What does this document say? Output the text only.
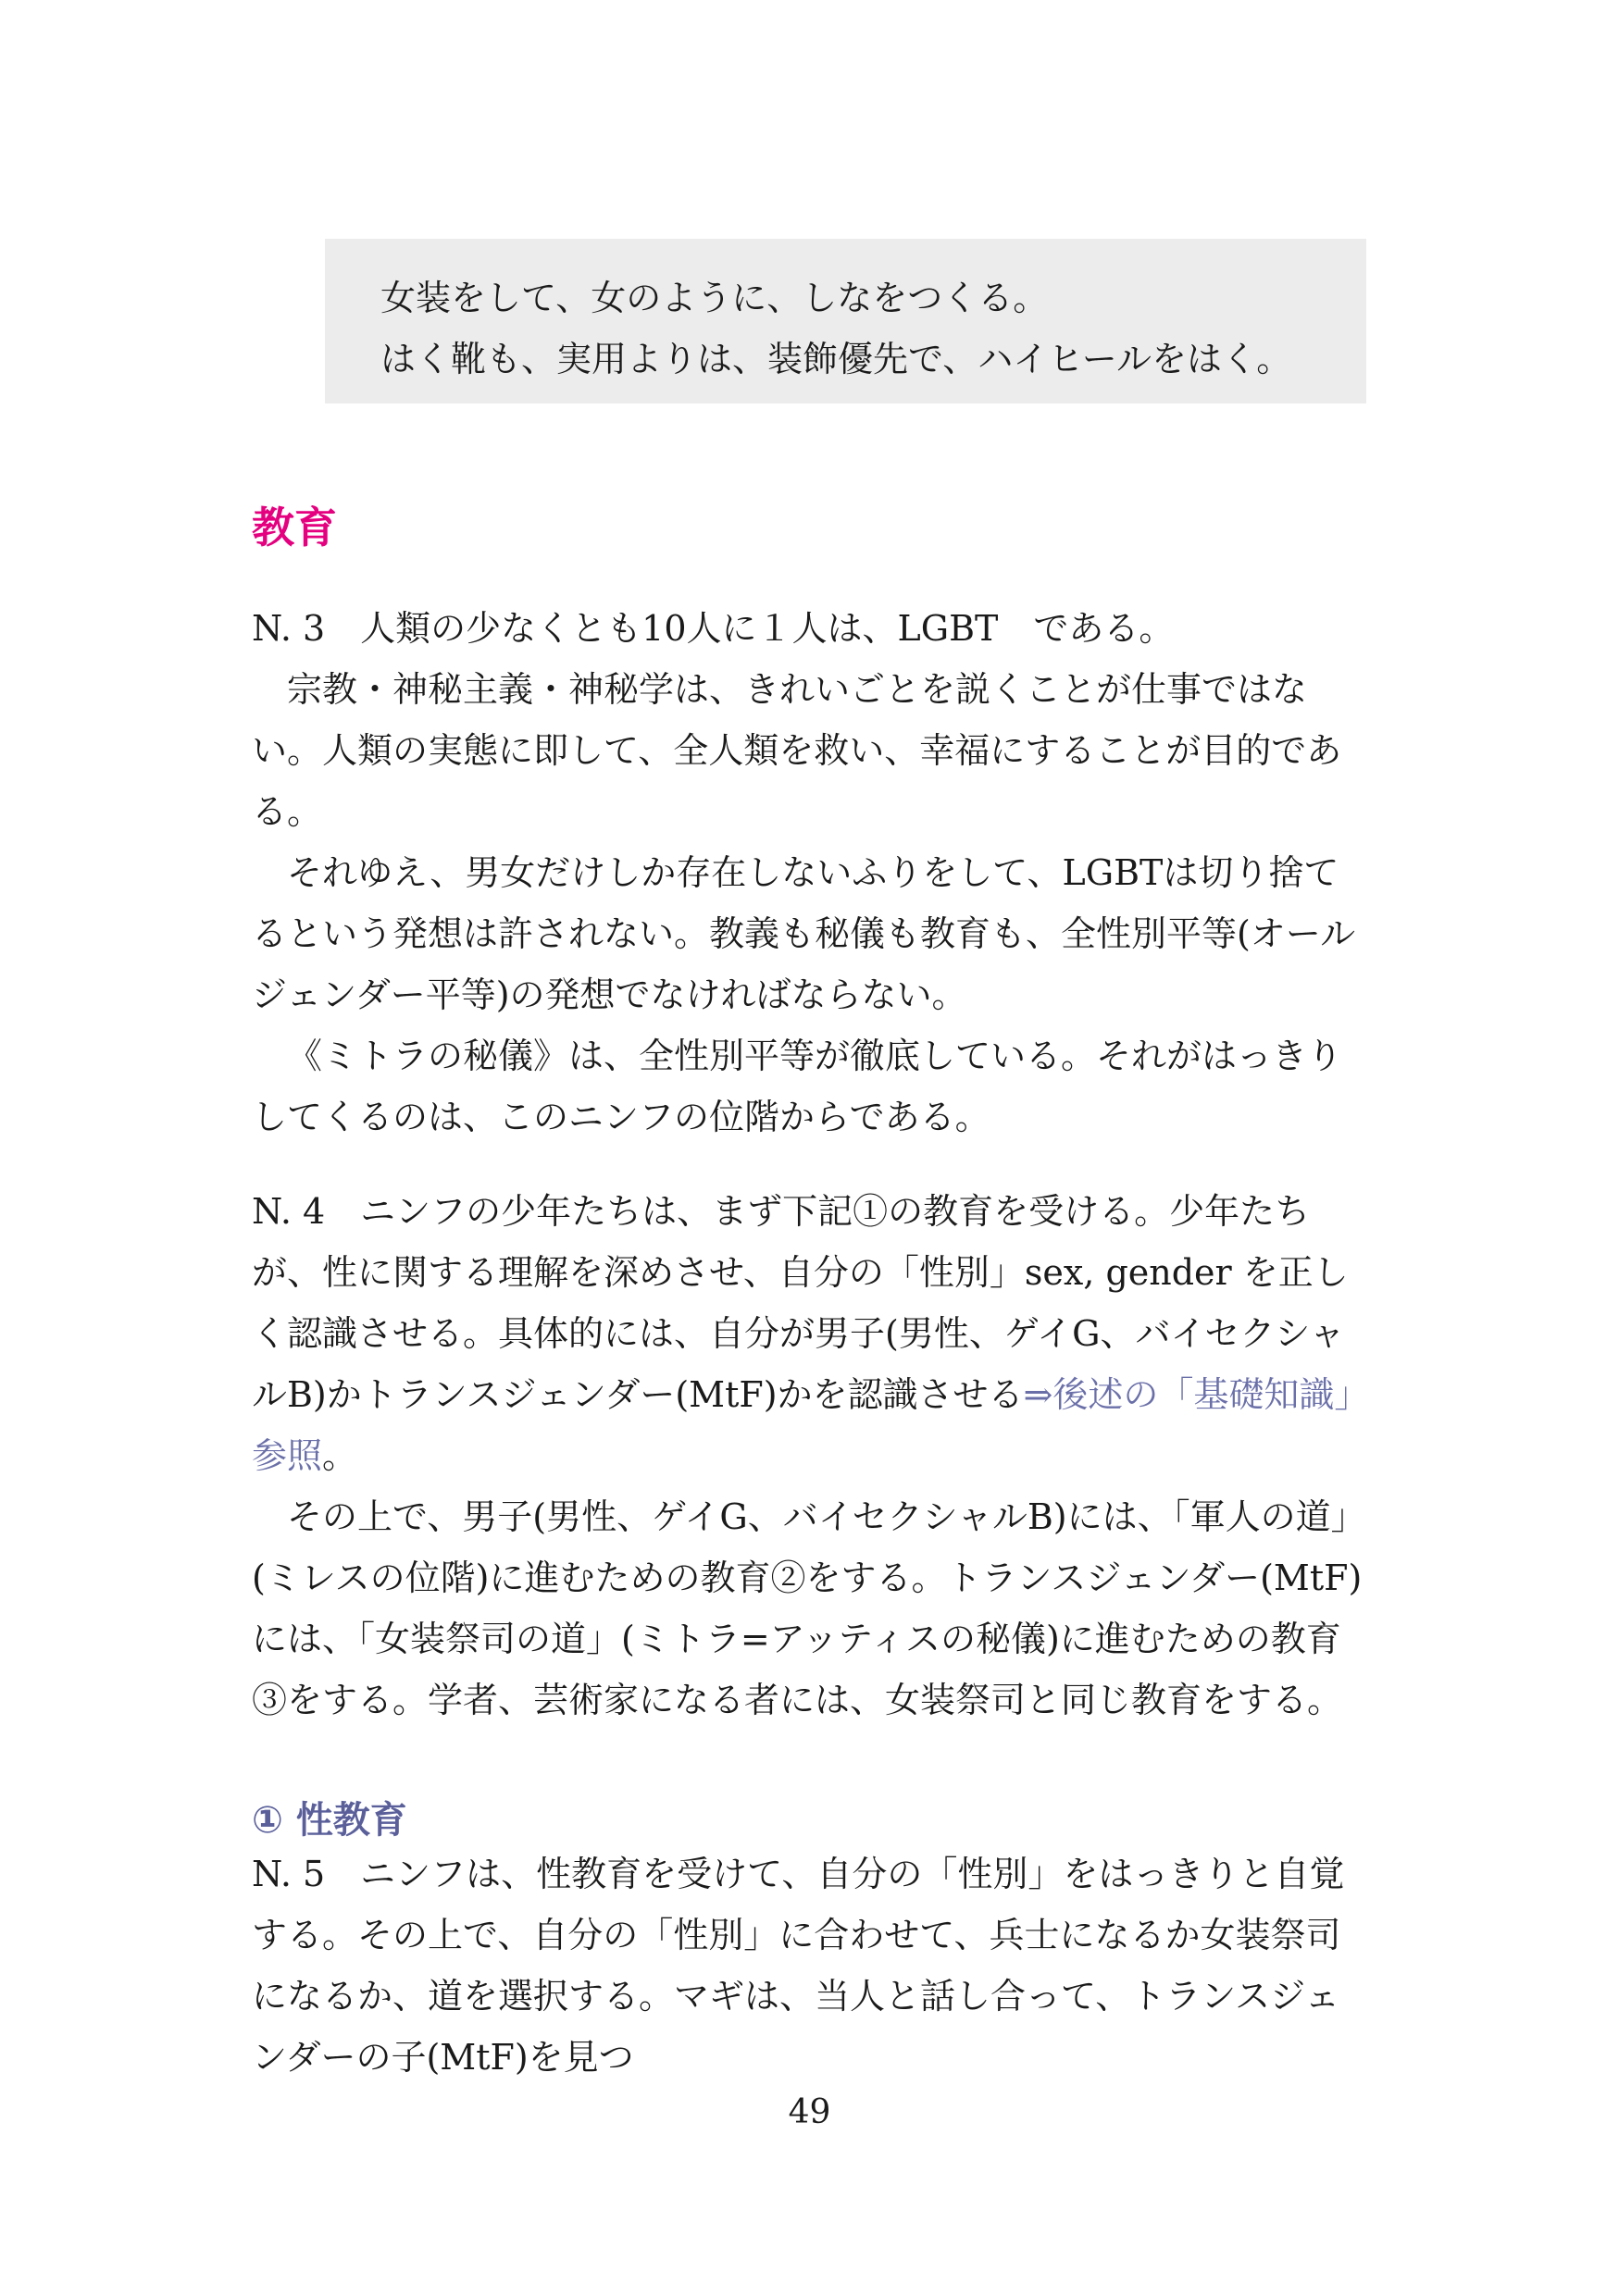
女装をして、女のように、しなをつくる。
はく靴も、実用よりは、装飾優先で、ハイヒールをはく。
教育

N. 3　人類の少なくとも10人に１人は、LGBT　である。

宗教・神秘主義・神秘学は、きれいごとを説くことが仕事ではない。人類の実態に即して、全人類を救い、幸福にすることが目的である。

それゆえ、男女だけしか存在しないふりをして、LGBTは切り捨てるという発想は許されない。教義も秘儀も教育も、全性別平等(オールジェンダー平等)の発想でなければならない。

《ミトラの秘儀》は、全性別平等が徹底している。それがはっきりしてくるのは、このニンフの位階からである。

N. 4　ニンフの少年たちは、まず下記①の教育を受ける。少年たちが、性に関する理解を深めさせ、自分の「性別」sex, gender を正しく認識させる。具体的には、自分が男子(男性、ゲイG、バイセクシャルB)かトランスジェンダー(MtF)かを認識させる⇒後述の「基礎知識」参照。

その上で、男子(男性、ゲイG、バイセクシャルB)には、「軍人の道」(ミレスの位階)に進むための教育②をする。トランスジェンダー(MtF)には、「女装祭司の道」(ミトラ=アッティスの秘儀)に進むための教育③をする。学者、芸術家になる者には、女装祭司と同じ教育をする。

① 性教育

N. 5　ニンフは、性教育を受けて、自分の「性別」をはっきりと自覚する。その上で、自分の「性別」に合わせて、兵士になるか女装祭司になるか、道を選択する。マギは、当人と話し合って、トランスジェンダーの子(MtF)を見つ

49
